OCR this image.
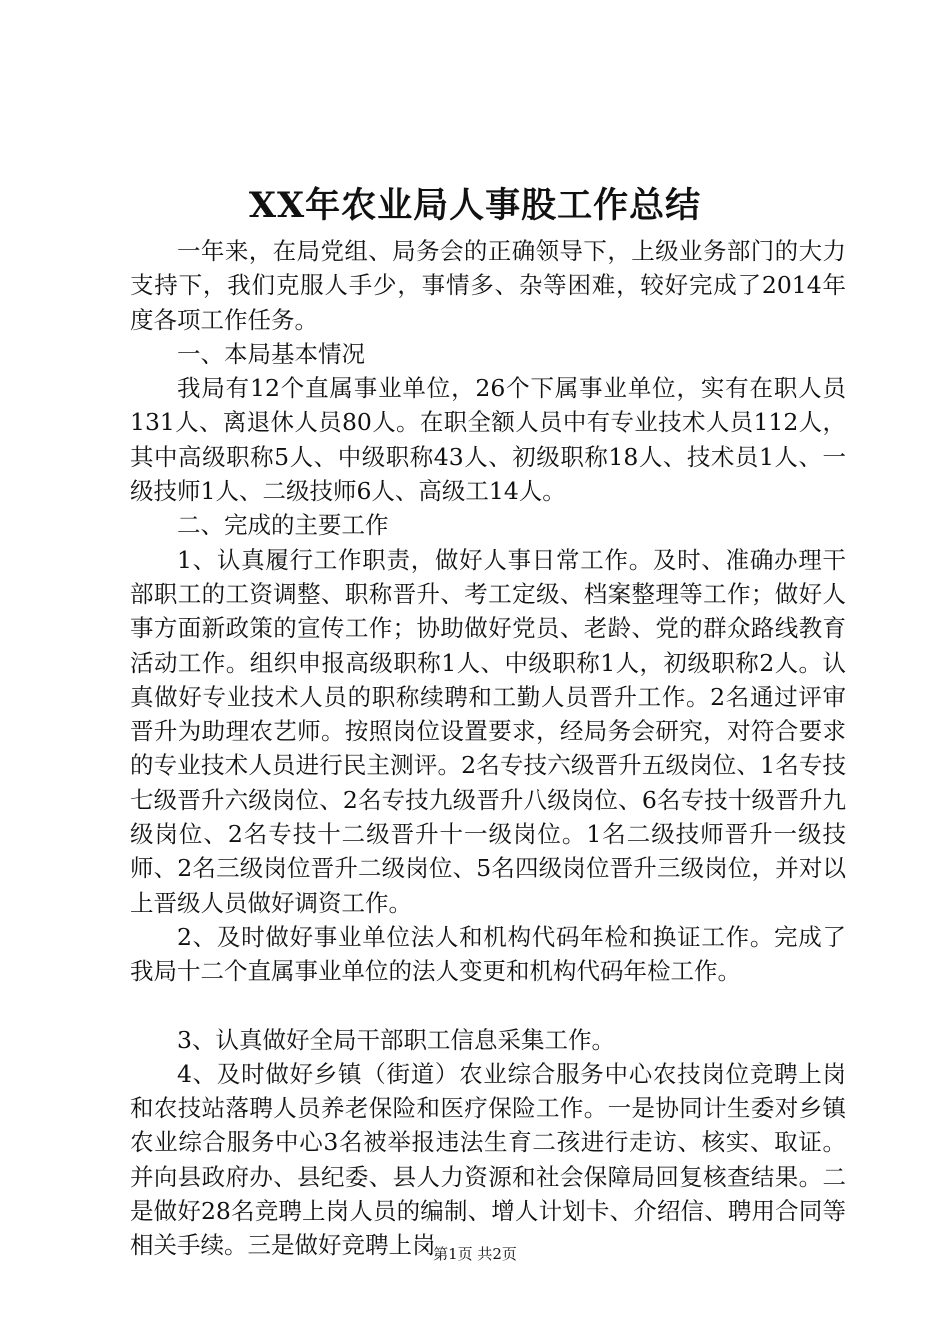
XX年农业局人事股工作总结

一年来，在局党组、局务会的正确领导下，上级业务部门的大力支持下，我们克服人手少，事情多、杂等困难，较好完成了2014年度各项工作任务。

一、本局基本情况

我局有12个直属事业单位，26个下属事业单位，实有在职人员131人、离退休人员80人。在职全额人员中有专业技术人员112人，其中高级职称5人、中级职称43人、初级职称18人、技术员1人、一级技师1人、二级技师6人、高级工14人。

二、完成的主要工作

1、认真履行工作职责，做好人事日常工作。及时、准确办理干部职工的工资调整、职称晋升、考工定级、档案整理等工作；做好人事方面新政策的宣传工作；协助做好党员、老龄、党的群众路线教育活动工作。组织申报高级职称1人、中级职称1人，初级职称2人。认真做好专业技术人员的职称续聘和工勤人员晋升工作。2名通过评审晋升为助理农艺师。按照岗位设置要求，经局务会研究，对符合要求的专业技术人员进行民主测评。2名专技六级晋升五级岗位、1名专技七级晋升六级岗位、2名专技九级晋升八级岗位、6名专技十级晋升九级岗位、2名专技十二级晋升十一级岗位。1名二级技师晋升一级技师、2名三级岗位晋升二级岗位、5名四级岗位晋升三级岗位，并对以上晋级人员做好调资工作。

2、及时做好事业单位法人和机构代码年检和换证工作。完成了我局十二个直属事业单位的法人变更和机构代码年检工作。

3、认真做好全局干部职工信息采集工作。

4、及时做好乡镇（街道）农业综合服务中心农技岗位竞聘上岗和农技站落聘人员养老保险和医疗保险工作。一是协同计生委对乡镇农业综合服务中心3名被举报违法生育二孩进行走访、核实、取证。并向县政府办、县纪委、县人力资源和社会保障局回复核查结果。二是做好28名竞聘上岗人员的编制、增人计划卡、介绍信、聘用合同等相关手续。三是做好竞聘上岗

第1页 共2页
